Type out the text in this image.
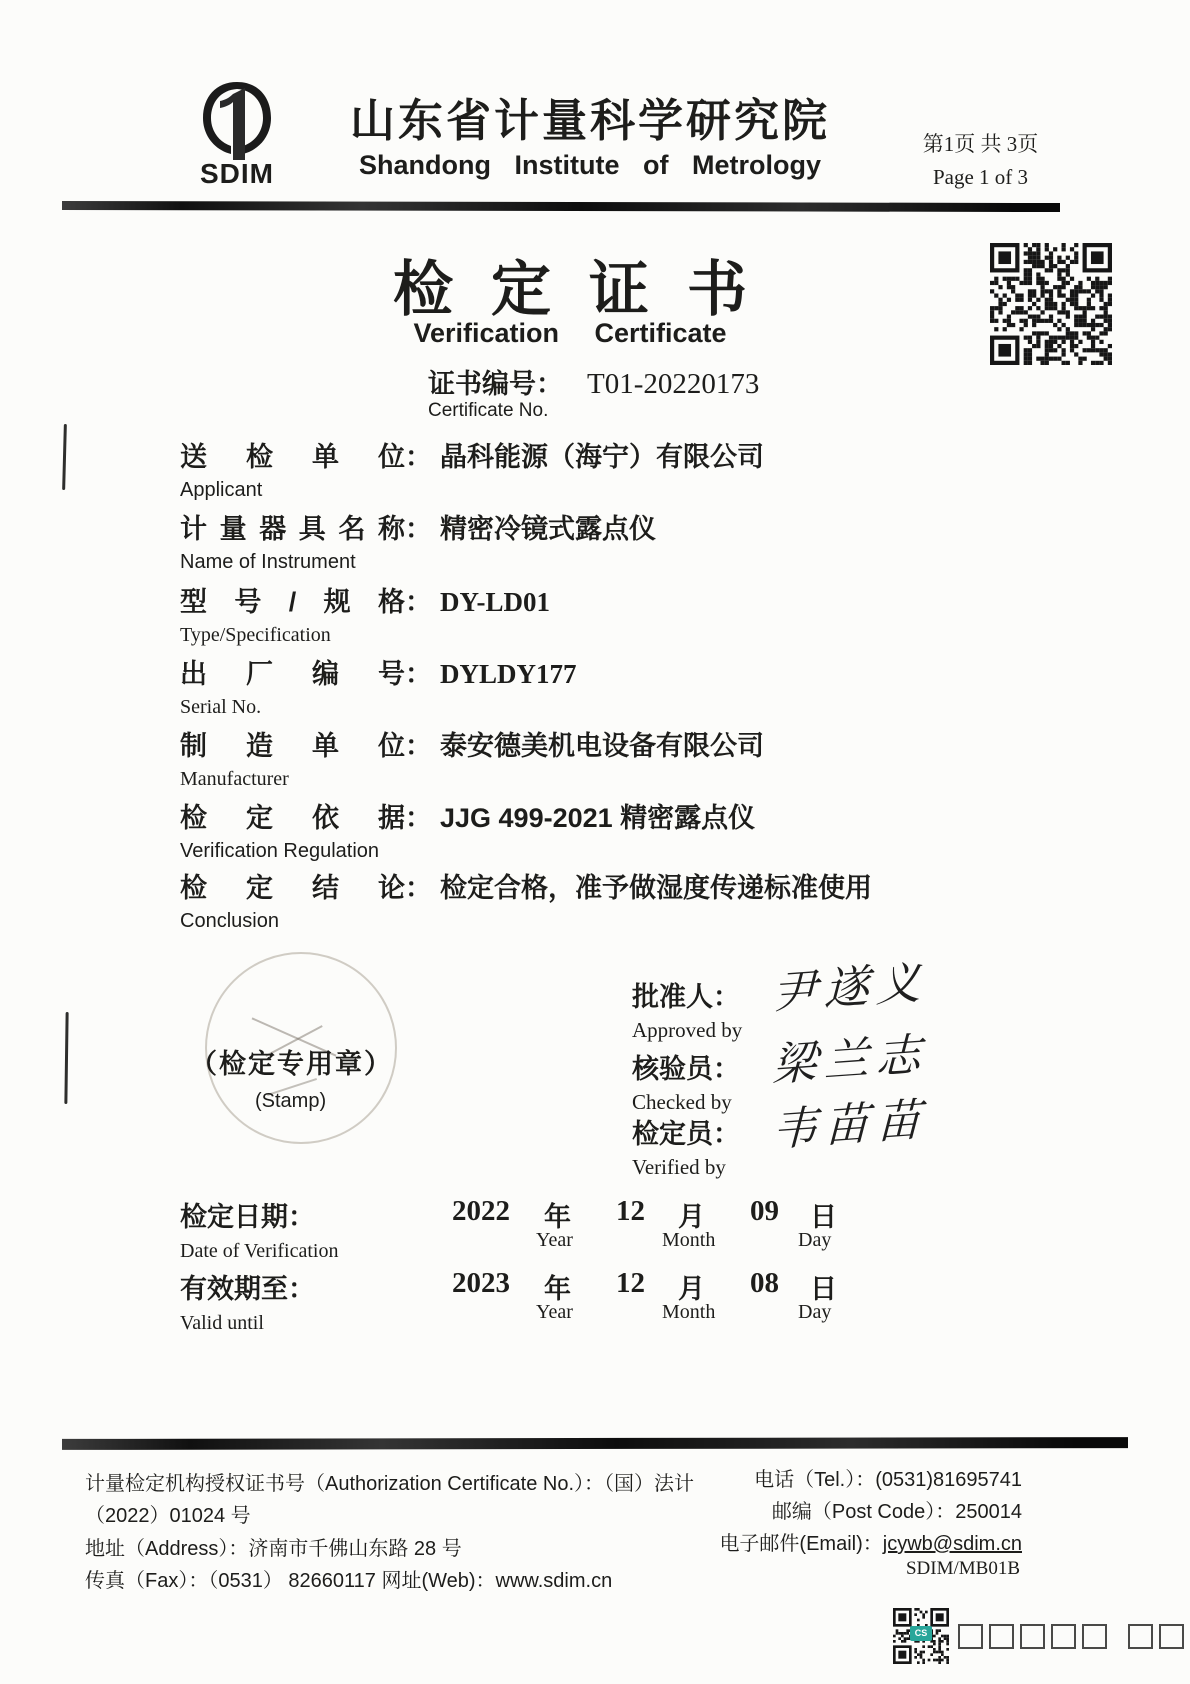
SDIM
山东省计量科学研究院
Shandong Institute of Metrology
第1页 共 3页
Page 1 of 3
检定证书
Verification Certificate
证书编号： T01-20220173
Certificate No.
送检单位： 晶科能源（海宁）有限公司
Applicant
计量器具名称： 精密冷镜式露点仪
Name of Instrument
型号/规格： DY-LD01
Type/Specification
出厂编号： DYLDY177
Serial No.
制造单位： 泰安德美机电设备有限公司
Manufacturer
检定依据： JJG 499-2021 精密露点仪
Verification Regulation
检定结论： 检定合格，准予做湿度传递标准使用
Conclusion
（检定专用章）
(Stamp)
批准人： 尹遂义
Approved by
核验员： 梁兰志
Checked by
检定员： 韦苗苗
Verified by
检定日期：	2022 年 12 月 09 日
Year	Month	Day
Date of Verification
有效期至：	2023 年 12 月 08 日
Year	Month	Day
Valid until
计量检定机构授权证书号（Authorization Certificate No.）：（国）法计（2022）01024 号
地址（Address）：济南市千佛山东路 28 号
传真（Fax）：（0531） 82660117 网址(Web)：www.sdim.cn
电话（Tel.）：(0531)81695741
邮编（Post Code）：250014
电子邮件(Email)：jcywb@sdim.cn
SDIM/MB01B
CS
